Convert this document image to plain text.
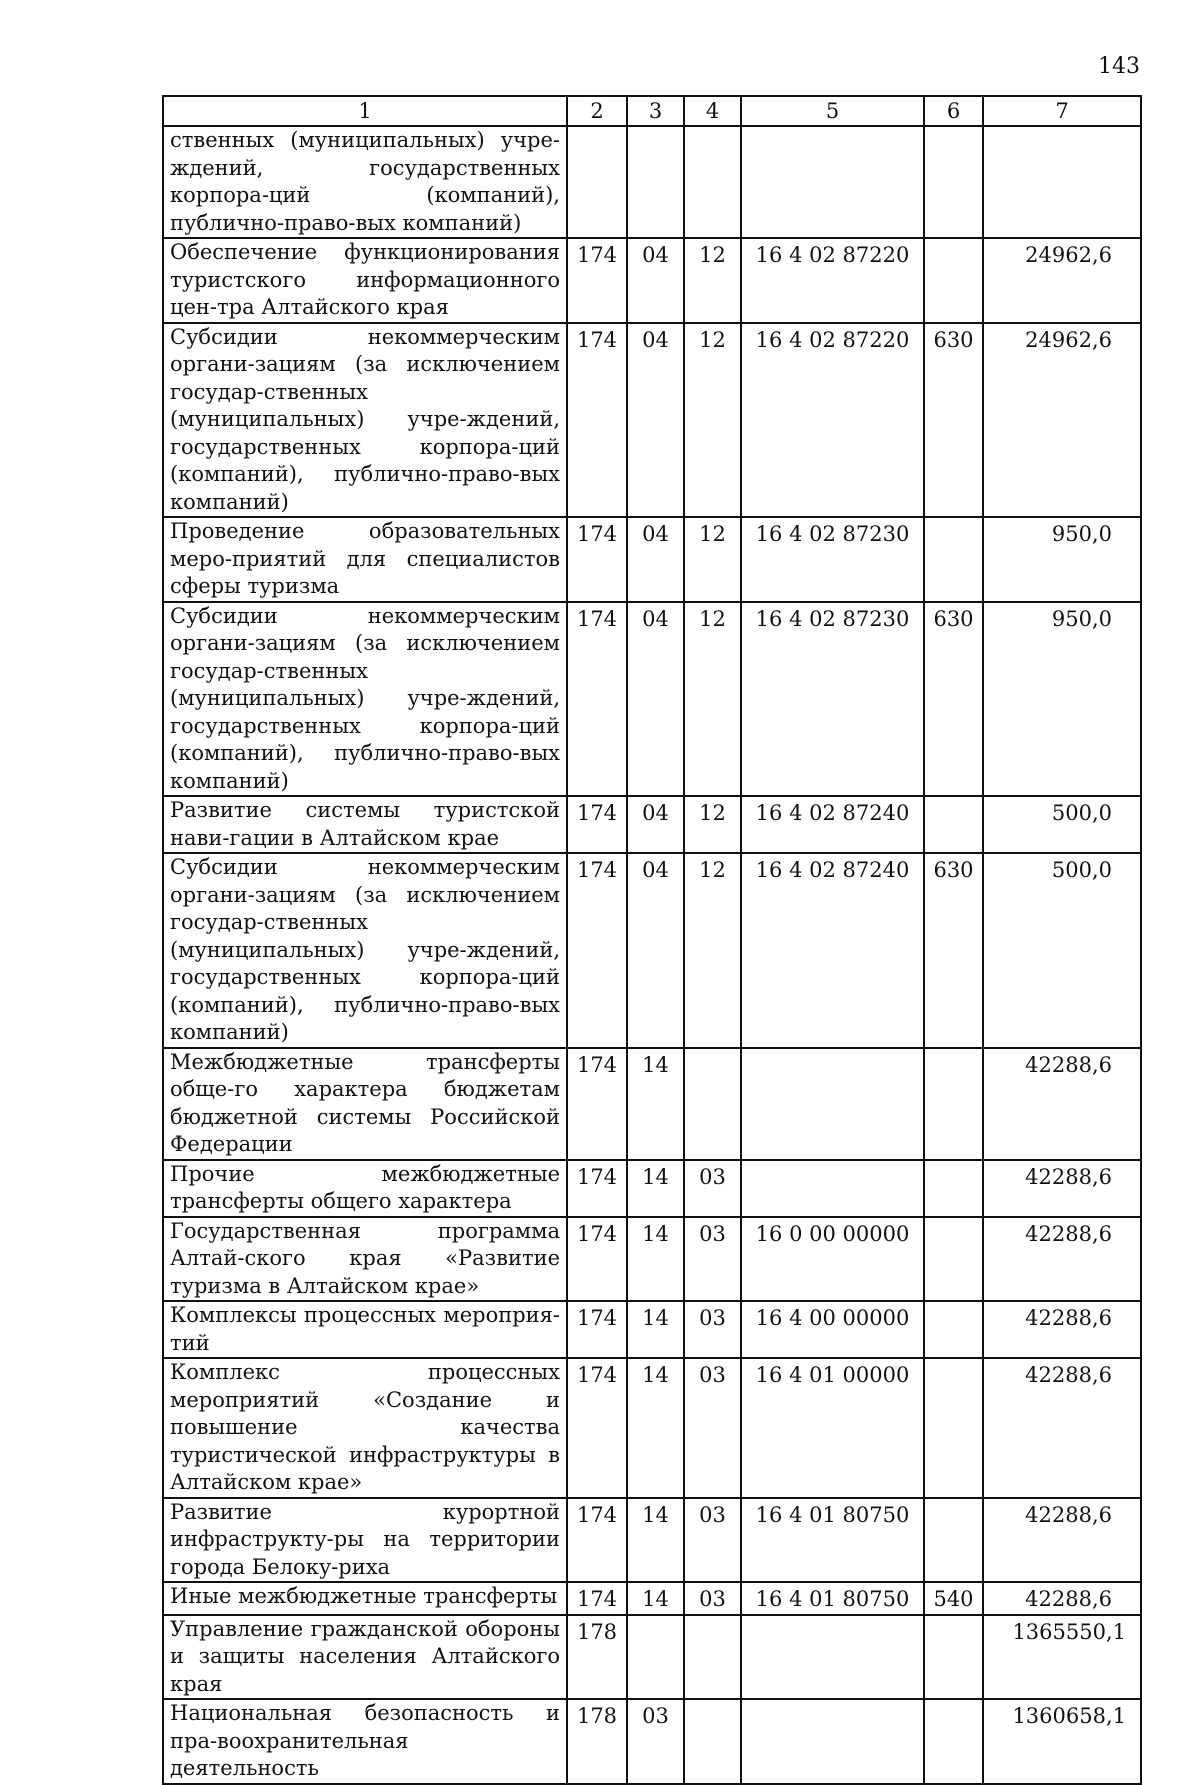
143
1	2	3	4	5	6	7
ственных (муниципальных) учре-ждений, государственных корпора-ций (компаний), публично-право-вых компаний)						
Обеспечение функционирования туристского информационного цен-тра Алтайского края	174	04	12	16 4 02 87220		24962,6
Субсидии некоммерческим органи-зациям (за исключением государ-ственных (муниципальных) учре-ждений, государственных корпора-ций (компаний), публично-право-вых компаний)	174	04	12	16 4 02 87220	630	24962,6
Проведение образовательных меро-приятий для специалистов сферы туризма	174	04	12	16 4 02 87230		950,0
Субсидии некоммерческим органи-зациям (за исключением государ-ственных (муниципальных) учре-ждений, государственных корпора-ций (компаний), публично-право-вых компаний)	174	04	12	16 4 02 87230	630	950,0
Развитие системы туристской нави-гации в Алтайском крае	174	04	12	16 4 02 87240		500,0
Субсидии некоммерческим органи-зациям (за исключением государ-ственных (муниципальных) учре-ждений, государственных корпора-ций (компаний), публично-право-вых компаний)	174	04	12	16 4 02 87240	630	500,0
Межбюджетные трансферты обще-го характера бюджетам бюджетной системы Российской Федерации	174	14				42288,6
Прочие межбюджетные трансферты общего характера	174	14	03			42288,6
Государственная программа Алтай-ского края «Развитие туризма в Алтайском крае»	174	14	03	16 0 00 00000		42288,6
Комплексы процессных мероприя-тий	174	14	03	16 4 00 00000		42288,6
Комплекс процессных мероприятий «Создание и повышение качества туристической инфраструктуры в Алтайском крае»	174	14	03	16 4 01 00000		42288,6
Развитие курортной инфраструкту-ры на территории города Белоку-риха	174	14	03	16 4 01 80750		42288,6
Иные межбюджетные трансферты	174	14	03	16 4 01 80750	540	42288,6
Управление гражданской обороны и защиты населения Алтайского края	178					1365550,1
Национальная безопасность и пра-воохранительная деятельность	178	03				1360658,1
